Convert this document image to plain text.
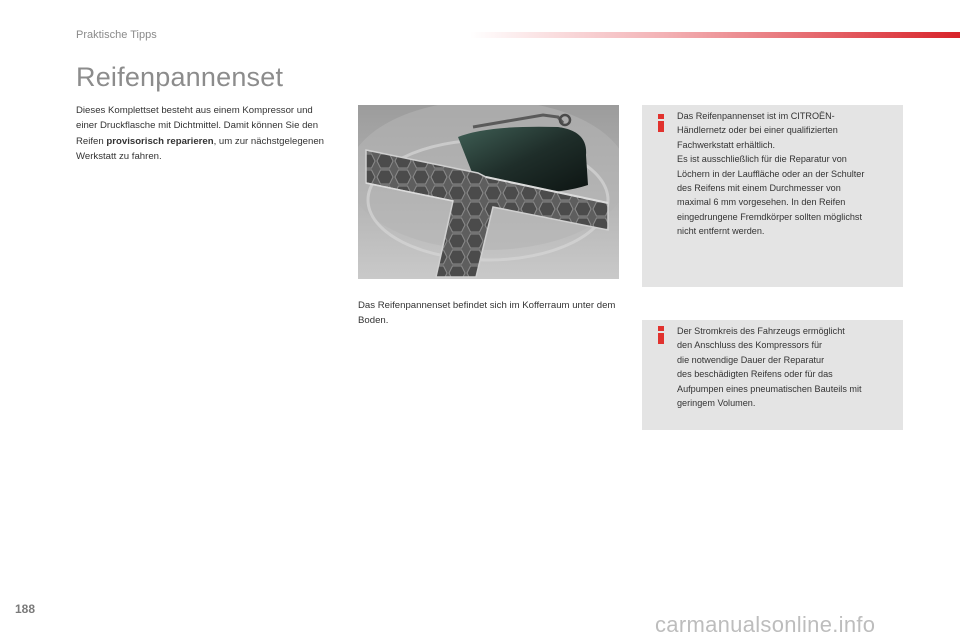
Praktische Tipps
Reifenpannenset
Dieses Komplettset besteht aus einem Kompressor und einer Druckflasche mit Dichtmittel. Damit können Sie den Reifen provisorisch reparieren, um zur nächstgelegenen Werkstatt zu fahren.
Das Reifenpannenset befindet sich im Kofferraum unter dem Boden.
Das Reifenpannenset ist im CITROËN-
Händlernetz oder bei einer qualifizierten
Fachwerkstatt erhältlich.
Es ist ausschließlich für die Reparatur von
Löchern in der Lauffläche oder an der Schulter
des Reifens mit einem Durchmesser von
maximal 6 mm vorgesehen. In den Reifen
eingedrungene Fremdkörper sollten möglichst
nicht entfernt werden.
Der Stromkreis des Fahrzeugs ermöglicht
den Anschluss des Kompressors für
die notwendige Dauer der Reparatur
des beschädigten Reifens oder für das
Aufpumpen eines pneumatischen Bauteils mit
geringem Volumen.
188
carmanualsonline.info
